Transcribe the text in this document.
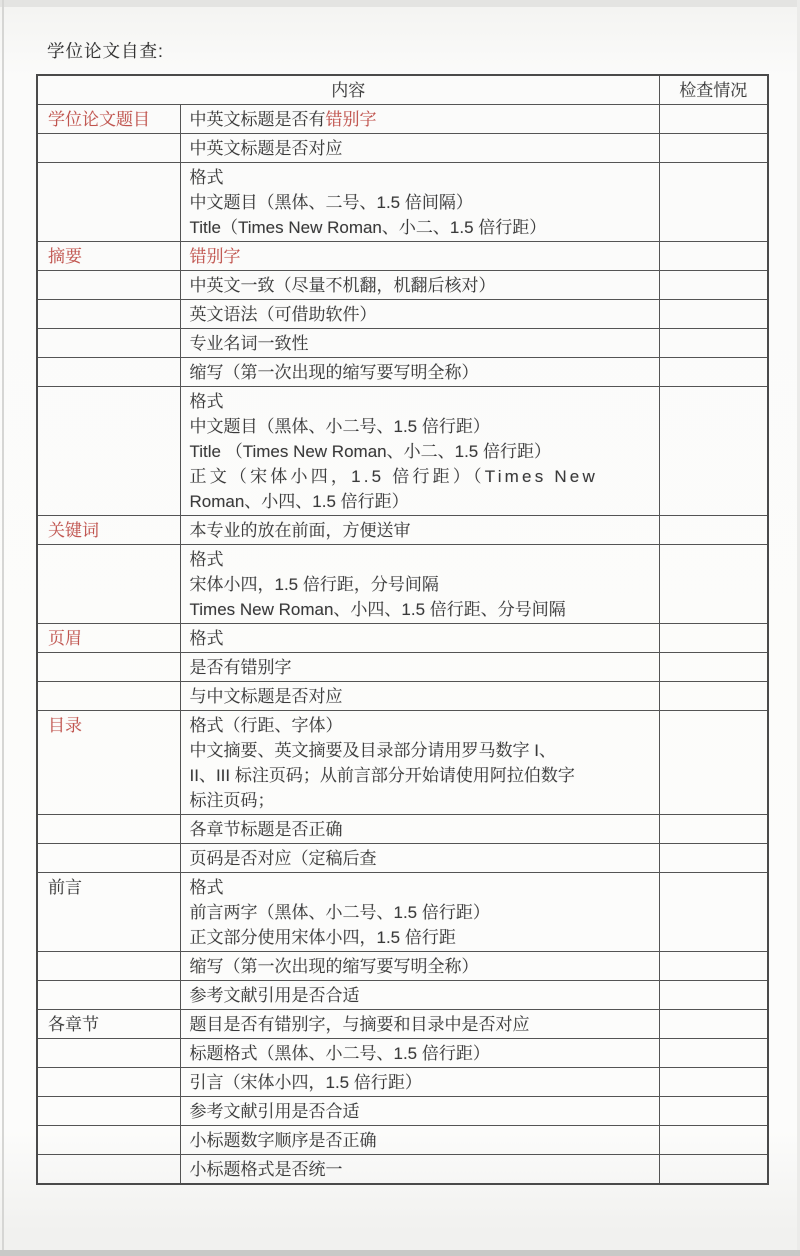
学位论文自查:
内容		检查情况
学位论文题目	中英文标题是否有错别字	

	中英文标题是否对应	

	格式
中文题目（黑体、二号、1.5 倍间隔）
Title（Times New Roman、小二、1.5 倍行距）	

摘要	错别字	

	中英文一致（尽量不机翻，机翻后核对）	

	英文语法（可借助软件）	

	专业名词一致性	

	缩写（第一次出现的缩写要写明全称）	

	格式
中文题目（黑体、小二号、1.5 倍行距）
Title （Times New Roman、小二、1.5 倍行距）
正文（宋体小四，1.5 倍行距）（Times New
Roman、小四、1.5 倍行距）	

关键词	本专业的放在前面，方便送审	

	格式
宋体小四，1.5 倍行距，分号间隔
Times New Roman、小四、1.5 倍行距、分号间隔	

页眉	格式	

	是否有错别字	

	与中文标题是否对应	

目录	格式（行距、字体）
中文摘要、英文摘要及目录部分请用罗马数字 I、
II、III 标注页码；从前言部分开始请使用阿拉伯数字
标注页码；	

	各章节标题是否正确	

	页码是否对应（定稿后查	

前言	格式
前言两字（黑体、小二号、1.5 倍行距）
正文部分使用宋体小四，1.5 倍行距	

	缩写（第一次出现的缩写要写明全称）	

	参考文献引用是否合适	

各章节	题目是否有错别字，与摘要和目录中是否对应	

	标题格式（黑体、小二号、1.5 倍行距）	

	引言（宋体小四，1.5 倍行距）	

	参考文献引用是否合适	

	小标题数字顺序是否正确	

	小标题格式是否统一	
